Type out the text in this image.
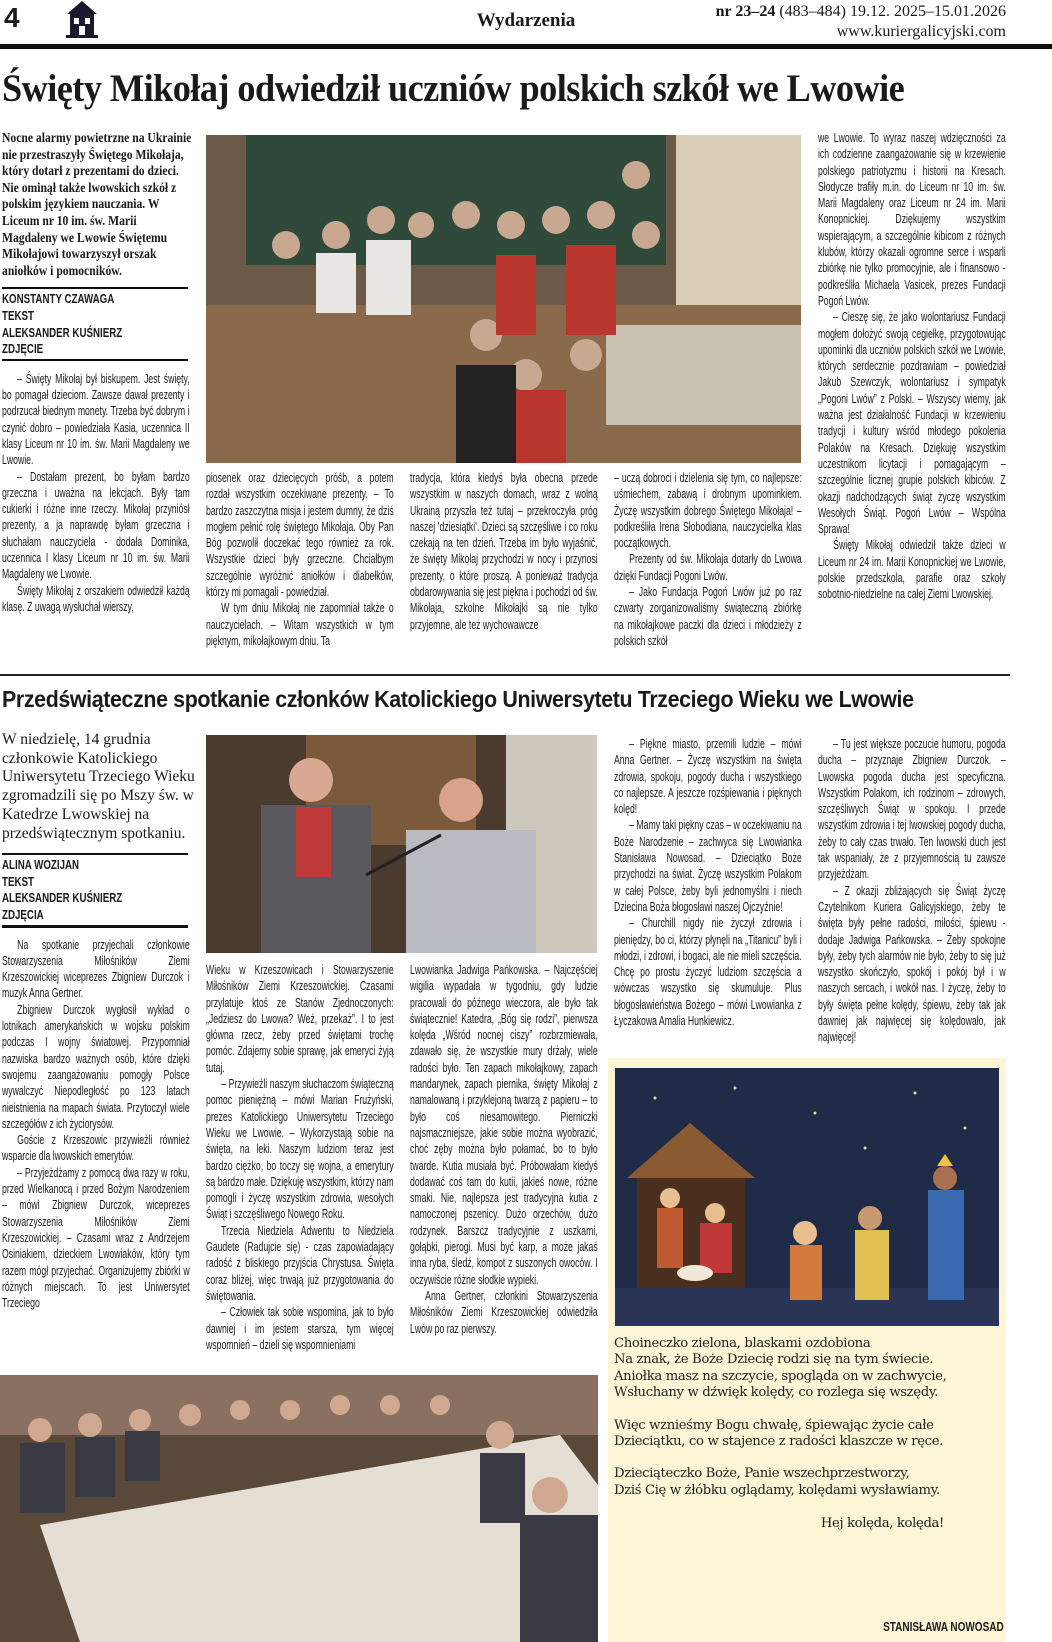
4	Wydarzenia	nr 23–24 (483–484) 19.12. 2025–15.01.2026
www.kuriergalicyjski.com
Święty Mikołaj odwiedził uczniów polskich szkół we Lwowie
Nocne alarmy powietrzne na Ukrainie nie przestraszyły Świętego Mikołaja, który dotarł z prezentami do dzieci. Nie ominął także lwowskich szkół z polskim językiem nauczania. W Liceum nr 10 im. św. Marii Magdaleny we Lwowie Świętemu Mikołajowi towarzyszył orszak aniołków i pomocników.
KONSTANTY CZAWAGA
TEKST
ALEKSANDER KUŚNIERZ
ZDJĘCIE

– Święty Mikołaj był biskupem. Jest święty, bo pomagał dzieciom. Zawsze dawał prezenty i podrzucał biednym monety. Trzeba być dobrym i czynić dobro – powiedziała Kasia, uczennica II klasy Liceum nr 10 im. św. Marii Magdaleny we Lwowie.

– Dostałam prezent, bo byłam bardzo grzeczna i uważna na lekcjach. Były tam cukierki i różne inne rzeczy. Mikołaj przyniósł prezenty, a ja naprawdę byłam grzeczna i słuchałam nauczyciela - dodała Dominika, uczennica I klasy Liceum nr 10 im. św. Marii Magdaleny we Lwowie.

Święty Mikołaj z orszakiem odwiedził każdą klasę. Z uwagą wysłuchał wierszy,

piosenek oraz dziecięcych próśb, a potem rozdał wszystkim oczekiwane prezenty. – To bardzo zaszczytna misja i jestem dumny, że dziś mogłem pełnić rolę świętego Mikołaja. Oby Pan Bóg pozwolił doczekać tego również za rok. Wszystkie dzieci były grzeczne. Chciałbym szczególnie wyróżnić aniołków i diabełków, którzy mi pomagali - powiedział.

W tym dniu Mikołaj nie zapomniał także o nauczycielach. – Witam wszystkich w tym pięknym, mikołajkowym dniu. Ta

tradycja, która kiedyś była obecna przede wszystkim w naszych domach, wraz z wolną Ukrainą przyszła też tutaj – przekroczyła próg naszej 'dziesiątki'. Dzieci są szczęśliwe i co roku czekają na ten dzień. Trzeba im było wyjaśnić, że święty Mikołaj przychodzi w nocy i przynosi prezenty, o które proszą. A ponieważ tradycja obdarowywania się jest piękna i pochodzi od św. Mikołaja, szkolne Mikołajki są nie tylko przyjemne, ale też wychowawcze

– uczą dobroci i dzielenia się tym, co najlepsze: uśmiechem, zabawą i drobnym upominkiem. Życzę wszystkim dobrego Świętego Mikołaja! – podkreśliła Irena Słobodiana, nauczycielka klas początkowych.

Prezenty od św. Mikołaja dotarły do Lwowa dzięki Fundacji Pogoni Lwów.

– Jako Fundacja Pogoń Lwów już po raz czwarty zorganizowaliśmy świąteczną zbiórkę na mikołajkowe paczki dla dzieci i młodzieży z polskich szkół

we Lwowie. To wyraz naszej wdzięczności za ich codzienne zaangażowanie się w krzewienie polskiego patriotyzmu i historii na Kresach. Słodycze trafiły m.in. do Liceum nr 10 im. św. Marii Magdaleny oraz Liceum nr 24 im. Marii Konopnickiej. Dziękujemy wszystkim wspierającym, a szczególnie kibicom z różnych klubów, którzy okazali ogromne serce i wsparli zbiórkę nie tylko promocyjnie, ale i finansowo - podkreśliła Michaela Vasicek, prezes Fundacji Pogoń Lwów.

– Cieszę się, że jako wolontariusz Fundacji mogłem dołożyć swoją cegiełkę, przygotowując upominki dla uczniów polskich szkół we Lwowie, których serdecznie pozdrawiam – powiedział Jakub Szewczyk, wolontariusz i sympatyk „Pogoni Lwów” z Polski. – Wszyscy wiemy, jak ważna jest działalność Fundacji w krzewieniu tradycji i kultury wśród młodego pokolenia Polaków na Kresach. Dziękuję wszystkim uczestnikom licytacji i pomagającym – szczególnie licznej grupie polskich kibiców. Z okazji nadchodzących świąt życzę wszystkim Wesołych Świąt. Pogoń Lwów – Wspólna Sprawa!

Święty Mikołaj odwiedził także dzieci w Liceum nr 24 im. Marii Konopnickiej we Lwowie, polskie przedszkola, parafie oraz szkoły sobotnio-niedzielne na całej Ziemi Lwowskiej.

Przedświąteczne spotkanie członków Katolickiego Uniwersytetu Trzeciego Wieku we Lwowie
W niedzielę, 14 grudnia członkowie Katolickiego Uniwersytetu Trzeciego Wieku zgromadzili się po Mszy św. w Katedrze Lwowskiej na przedświątecznym spotkaniu.
ALINA WOZIJAN
TEKST
ALEKSANDER KUŚNIERZ
ZDJĘCIA

Na spotkanie przyjechali członkowie Stowarzyszenia Miłośników Ziemi Krzeszowickiej wiceprezes Zbigniew Durczok i muzyk Anna Gertner.

Zbigniew Durczok wygłosił wykład o lotnikach amerykańskich w wojsku polskim podczas I wojny światowej. Przypomniał nazwiska bardzo ważnych osób, które dzięki swojemu zaangażowaniu pomogły Polsce wywalczyć Niepodległość po 123 latach nieistnienia na mapach świata. Przytoczył wiele szczegółów z ich życiorysów.

Goście z Krzeszowic przywieźli również wsparcie dla lwowskich emerytów.

– Przyjeżdżamy z pomocą dwa razy w roku, przed Wielkanocą i przed Bożym Narodzeniem – mówi Zbigniew Durczok, wiceprezes Stowarzyszenia Miłośników Ziemi Krzeszowickiej. – Czasami wraz z Andrzejem Osiniakiem, dzieckiem Lwowiaków, który tym razem mógł przyjechać. Organizujemy zbiórki w różnych miejscach. To jest Uniwersytet Trzeciego

Wieku w Krzeszowicach i Stowarzyszenie Miłośników Ziemi Krzeszowickiej. Czasami przylatuje ktoś ze Stanów Zjednoczonych: „Jedziesz do Lwowa? Weź, przekaż”. I to jest główna rzecz, żeby przed świętami trochę pomóc. Zdajemy sobie sprawę, jak emeryci żyją tutaj.

– Przywieźli naszym słuchaczom świąteczną pomoc pieniężną – mówi Marian Frużyński, prezes Katolickiego Uniwersytetu Trzeciego Wieku we Lwowie. – Wykorzystają sobie na święta, na leki. Naszym ludziom teraz jest bardzo ciężko, bo toczy się wojna, a emerytury są bardzo małe. Dziękuję wszystkim, którzy nam pomogli i życzę wszystkim zdrowia, wesołych Świąt i szczęśliwego Nowego Roku.

Trzecia Niedziela Adwentu to Niedziela Gaudete (Radujcie się) - czas zapowiadający radość z bliskiego przyjścia Chrystusa. Święta coraz bliżej, więc trwają już przygotowania do świętowania.

– Człowiek tak sobie wspomina, jak to było dawniej i im jestem starsza, tym więcej wspomnień – dzieli się wspomnieniami

Lwowianka Jadwiga Pańkowska. – Najczęściej wigilia wypadała w tygodniu, gdy ludzie pracowali do późnego wieczora, ale było tak świątecznie! Katedra, „Bóg się rodzi”, pierwsza kolęda „Wśród nocnej ciszy” rozbrzmiewała, zdawało się, że wszystkie mury drżały, wiele radości było. Ten zapach mikołajkowy, zapach mandarynek, zapach piernika, święty Mikołaj z namalowaną i przyklejoną twarzą z papieru – to było coś niesamowitego. Pierniczki najsmaczniejsze, jakie sobie można wyobrazić, choć zęby można było połamać, bo to było twarde. Kutia musiała być. Próbowałam kiedyś dodawać coś tam do kutii, jakieś nowe, różne smaki. Nie, najlepsza jest tradycyjna kutia z namoczonej pszenicy. Dużo orzechów, dużo rodzynek. Barszcz tradycyjnie z uszkami, gołąbki, pierogi. Musi być karp, a może jakaś inna ryba, śledź, kompot z suszonych owoców. I oczywiście różne słodkie wypieki.

Anna Gertner, członkini Stowarzyszenia Miłośników Ziemi Krzeszowickiej odwiedziła Lwów po raz pierwszy.

– Piękne miasto, przemili ludzie – mówi Anna Gertner. – Życzę wszystkim na święta zdrowia, spokoju, pogody ducha i wszystkiego co najlepsze. A jeszcze rozśpiewania i pięknych kolęd!

– Mamy taki piękny czas – w oczekiwaniu na Boże Narodzenie – zachwyca się Lwowianka Stanisława Nowosad. – Dzieciątko Boże przychodzi na świat. Życzę wszystkim Polakom w całej Polsce, żeby byli jednomyślni i niech Dziecina Boża błogosławi naszej Ojczyźnie!

– Churchill nigdy nie życzył zdrowia i pieniędzy, bo ci, którzy płynęli na „Titanicu” byli i młodzi, i zdrowi, i bogaci, ale nie mieli szczęścia. Chcę po prostu życzyć ludziom szczęścia a wówczas wszystko się skumuluje. Plus błogosławieństwa Bożego – mówi Lwowianka z Łyczakowa Amalia Hunkiewicz.

– Tu jest większe poczucie humoru, pogoda ducha – przyznaje Zbigniew Durczok. – Lwowska pogoda ducha jest specyficzna. Wszystkim Polakom, ich rodzinom – zdrowych, szczęśliwych Świąt w spokoju. I przede wszystkim zdrowia i tej lwowskiej pogody ducha, żeby to cały czas trwało. Ten lwowski duch jest tak wspaniały, że z przyjemnością tu zawsze przyjeżdżam.

– Z okazji zbliżających się Świąt życzę Czytelnikom Kuriera Galicyjskiego, żeby te święta były pełne radości, miłości, śpiewu - dodaje Jadwiga Pańkowska. – Żeby spokojne były, żeby tych alarmów nie było, żeby to się już wszystko skończyło, spokój i pokój był i w naszych sercach, i wokół nas. I życzę, żeby to były święta pełne kolędy, śpiewu, żeby tak jak dawniej jak najwięcej się kolędowało, jak najwięcej!

Choineczko zielona, blaskami ozdobiona
Na znak, że Boże Dziecię rodzi się na tym świecie.
Aniołka masz na szczycie, spogląda on w zachwycie,
Wsłuchany w dźwięk kolędy, co rozlega się wszędy.
Więc wznieśmy Bogu chwałę, śpiewając życie całe
Dzieciątku, co w stajence z radości klaszcze w ręce.
Dzieciąteczko Boże, Panie wszechprzestworzy,
Dziś Cię w żłóbku oglądamy, kolędami wysławiamy.
Hej kolęda, kolęda!
STANISŁAWA NOWOSAD
